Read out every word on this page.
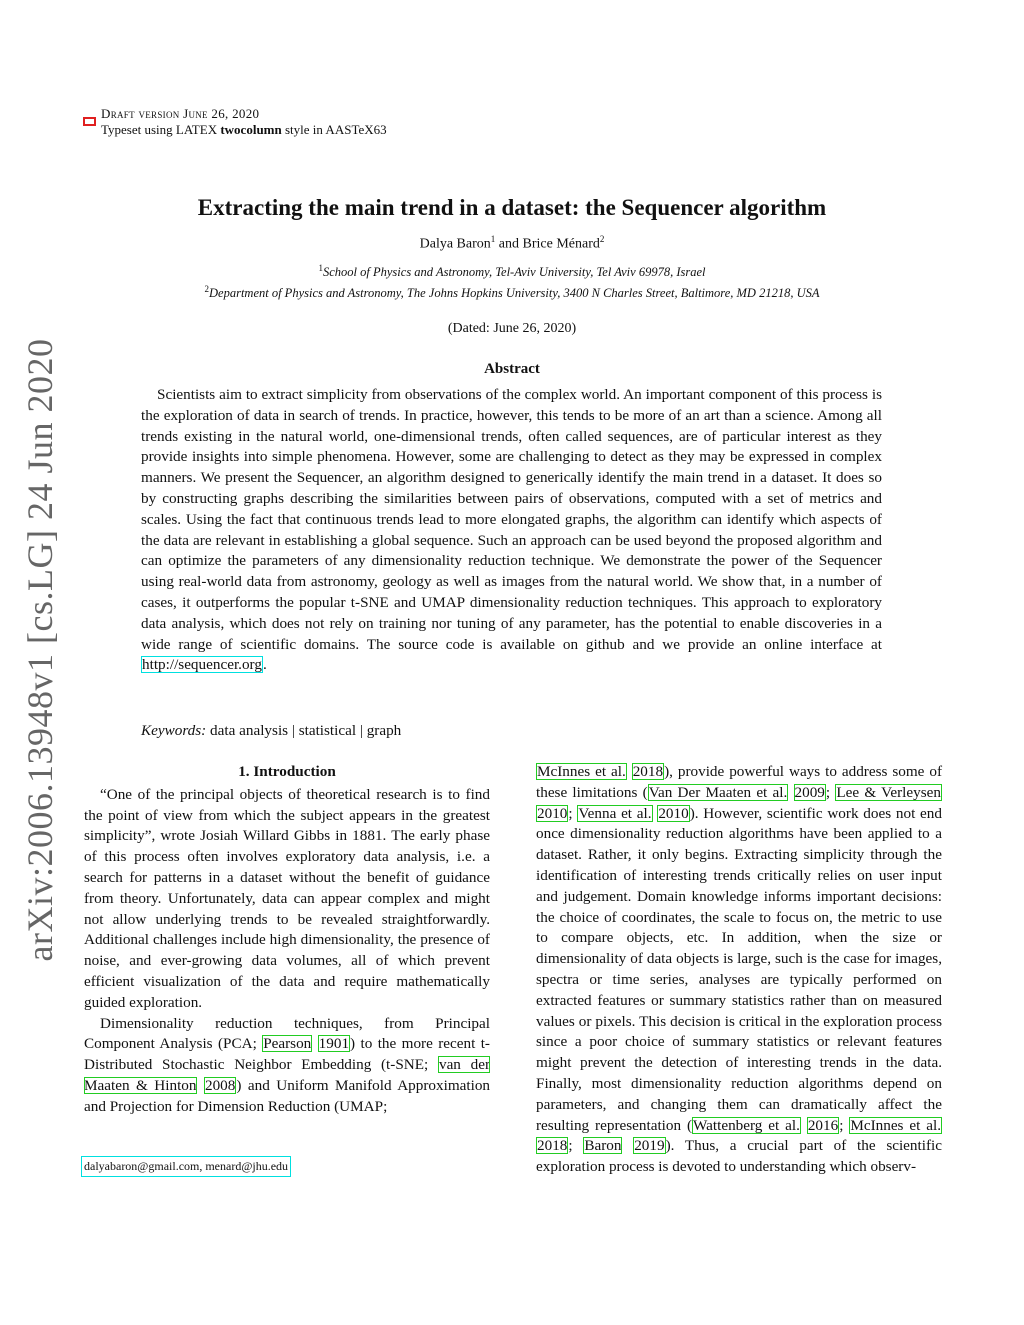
arXiv:2006.13948v1 [cs.LG] 24 Jun 2020
Draft version June 26, 2020
Typeset using LATEX twocolumn style in AASTeX63
Extracting the main trend in a dataset: the Sequencer algorithm
Dalya Baron$^1$ and Brice Ménard$^2$
$^1$School of Physics and Astronomy, Tel-Aviv University, Tel Aviv 69978, Israel
$^2$Department of Physics and Astronomy, The Johns Hopkins University, 3400 N Charles Street, Baltimore, MD 21218, USA
(Dated: June 26, 2020)
Abstract
Scientists aim to extract simplicity from observations of the complex world. An important component of this process is the exploration of data in search of trends. In practice, however, this tends to be more of an art than a science. Among all trends existing in the natural world, one-dimensional trends, often called sequences, are of particular interest as they provide insights into simple phenomena. However, some are challenging to detect as they may be expressed in complex manners. We present the Sequencer, an algorithm designed to generically identify the main trend in a dataset. It does so by constructing graphs describing the similarities between pairs of observations, computed with a set of metrics and scales. Using the fact that continuous trends lead to more elongated graphs, the algorithm can identify which aspects of the data are relevant in establishing a global sequence. Such an approach can be used beyond the proposed algorithm and can optimize the parameters of any dimensionality reduction technique. We demonstrate the power of the Sequencer using real-world data from astronomy, geology as well as images from the natural world. We show that, in a number of cases, it outperforms the popular t-SNE and UMAP dimensionality reduction techniques. This approach to exploratory data analysis, which does not rely on training nor tuning of any parameter, has the potential to enable discoveries in a wide range of scientific domains. The source code is available on github and we provide an online interface at http://sequencer.org.
Keywords: data analysis | statistical | graph
1. Introduction

“One of the principal objects of theoretical research is to find the point of view from which the subject appears in the greatest simplicity”, wrote Josiah Willard Gibbs in 1881. The early phase of this process often involves exploratory data analysis, i.e. a search for patterns in a dataset without the benefit of guidance from theory. Unfortunately, data can appear complex and might not allow underlying trends to be revealed straightforwardly. Additional challenges include high dimensionality, the presence of noise, and ever-growing data volumes, all of which prevent efficient visualization of the data and require mathematically guided exploration.

Dimensionality reduction techniques, from Principal Component Analysis (PCA; Pearson 1901) to the more recent t-Distributed Stochastic Neighbor Embedding (t-SNE; van der Maaten & Hinton 2008) and Uniform Manifold Approximation and Projection for Dimension Reduction (UMAP;

McInnes et al. 2018), provide powerful ways to address some of these limitations (Van Der Maaten et al. 2009; Lee & Verleysen 2010; Venna et al. 2010). However, scientific work does not end once dimensionality reduction algorithms have been applied to a dataset. Rather, it only begins. Extracting simplicity through the identification of interesting trends critically relies on user input and judgement. Domain knowledge informs important decisions: the choice of coordinates, the scale to focus on, the metric to use to compare objects, etc. In addition, when the size or dimensionality of data objects is large, such is the case for images, spectra or time series, analyses are typically performed on extracted features or summary statistics rather than on measured values or pixels. This decision is critical in the exploration process since a poor choice of summary statistics or relevant features might prevent the detection of interesting trends in the data. Finally, most dimensionality reduction algorithms depend on parameters, and changing them can dramatically affect the resulting representation (Wattenberg et al. 2016; McInnes et al. 2018; Baron 2019). Thus, a crucial part of the scientific exploration process is devoted to understanding which observ-

dalyabaron@gmail.com, menard@jhu.edu
